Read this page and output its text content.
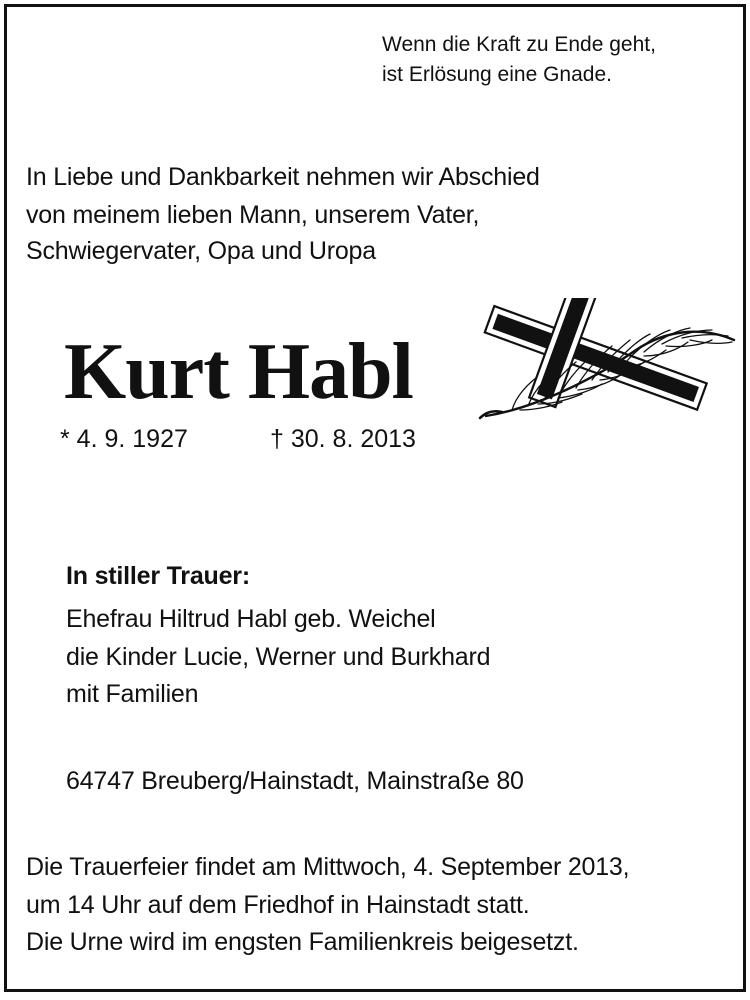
Wenn die Kraft zu Ende geht,
ist Erlösung eine Gnade.
In Liebe und Dankbarkeit nehmen wir Abschied
von meinem lieben Mann, unserem Vater,
Schwiegervater, Opa und Uropa
Kurt Habl
* 4. 9. 1927	† 30. 8. 2013
In stiller Trauer:
Ehefrau Hiltrud Habl geb. Weichel
die Kinder Lucie, Werner und Burkhard
mit Familien
64747 Breuberg/Hainstadt, Mainstraße 80
Die Trauerfeier findet am Mittwoch, 4. September 2013,
um 14 Uhr auf dem Friedhof in Hainstadt statt.
Die Urne wird im engsten Familienkreis beigesetzt.
